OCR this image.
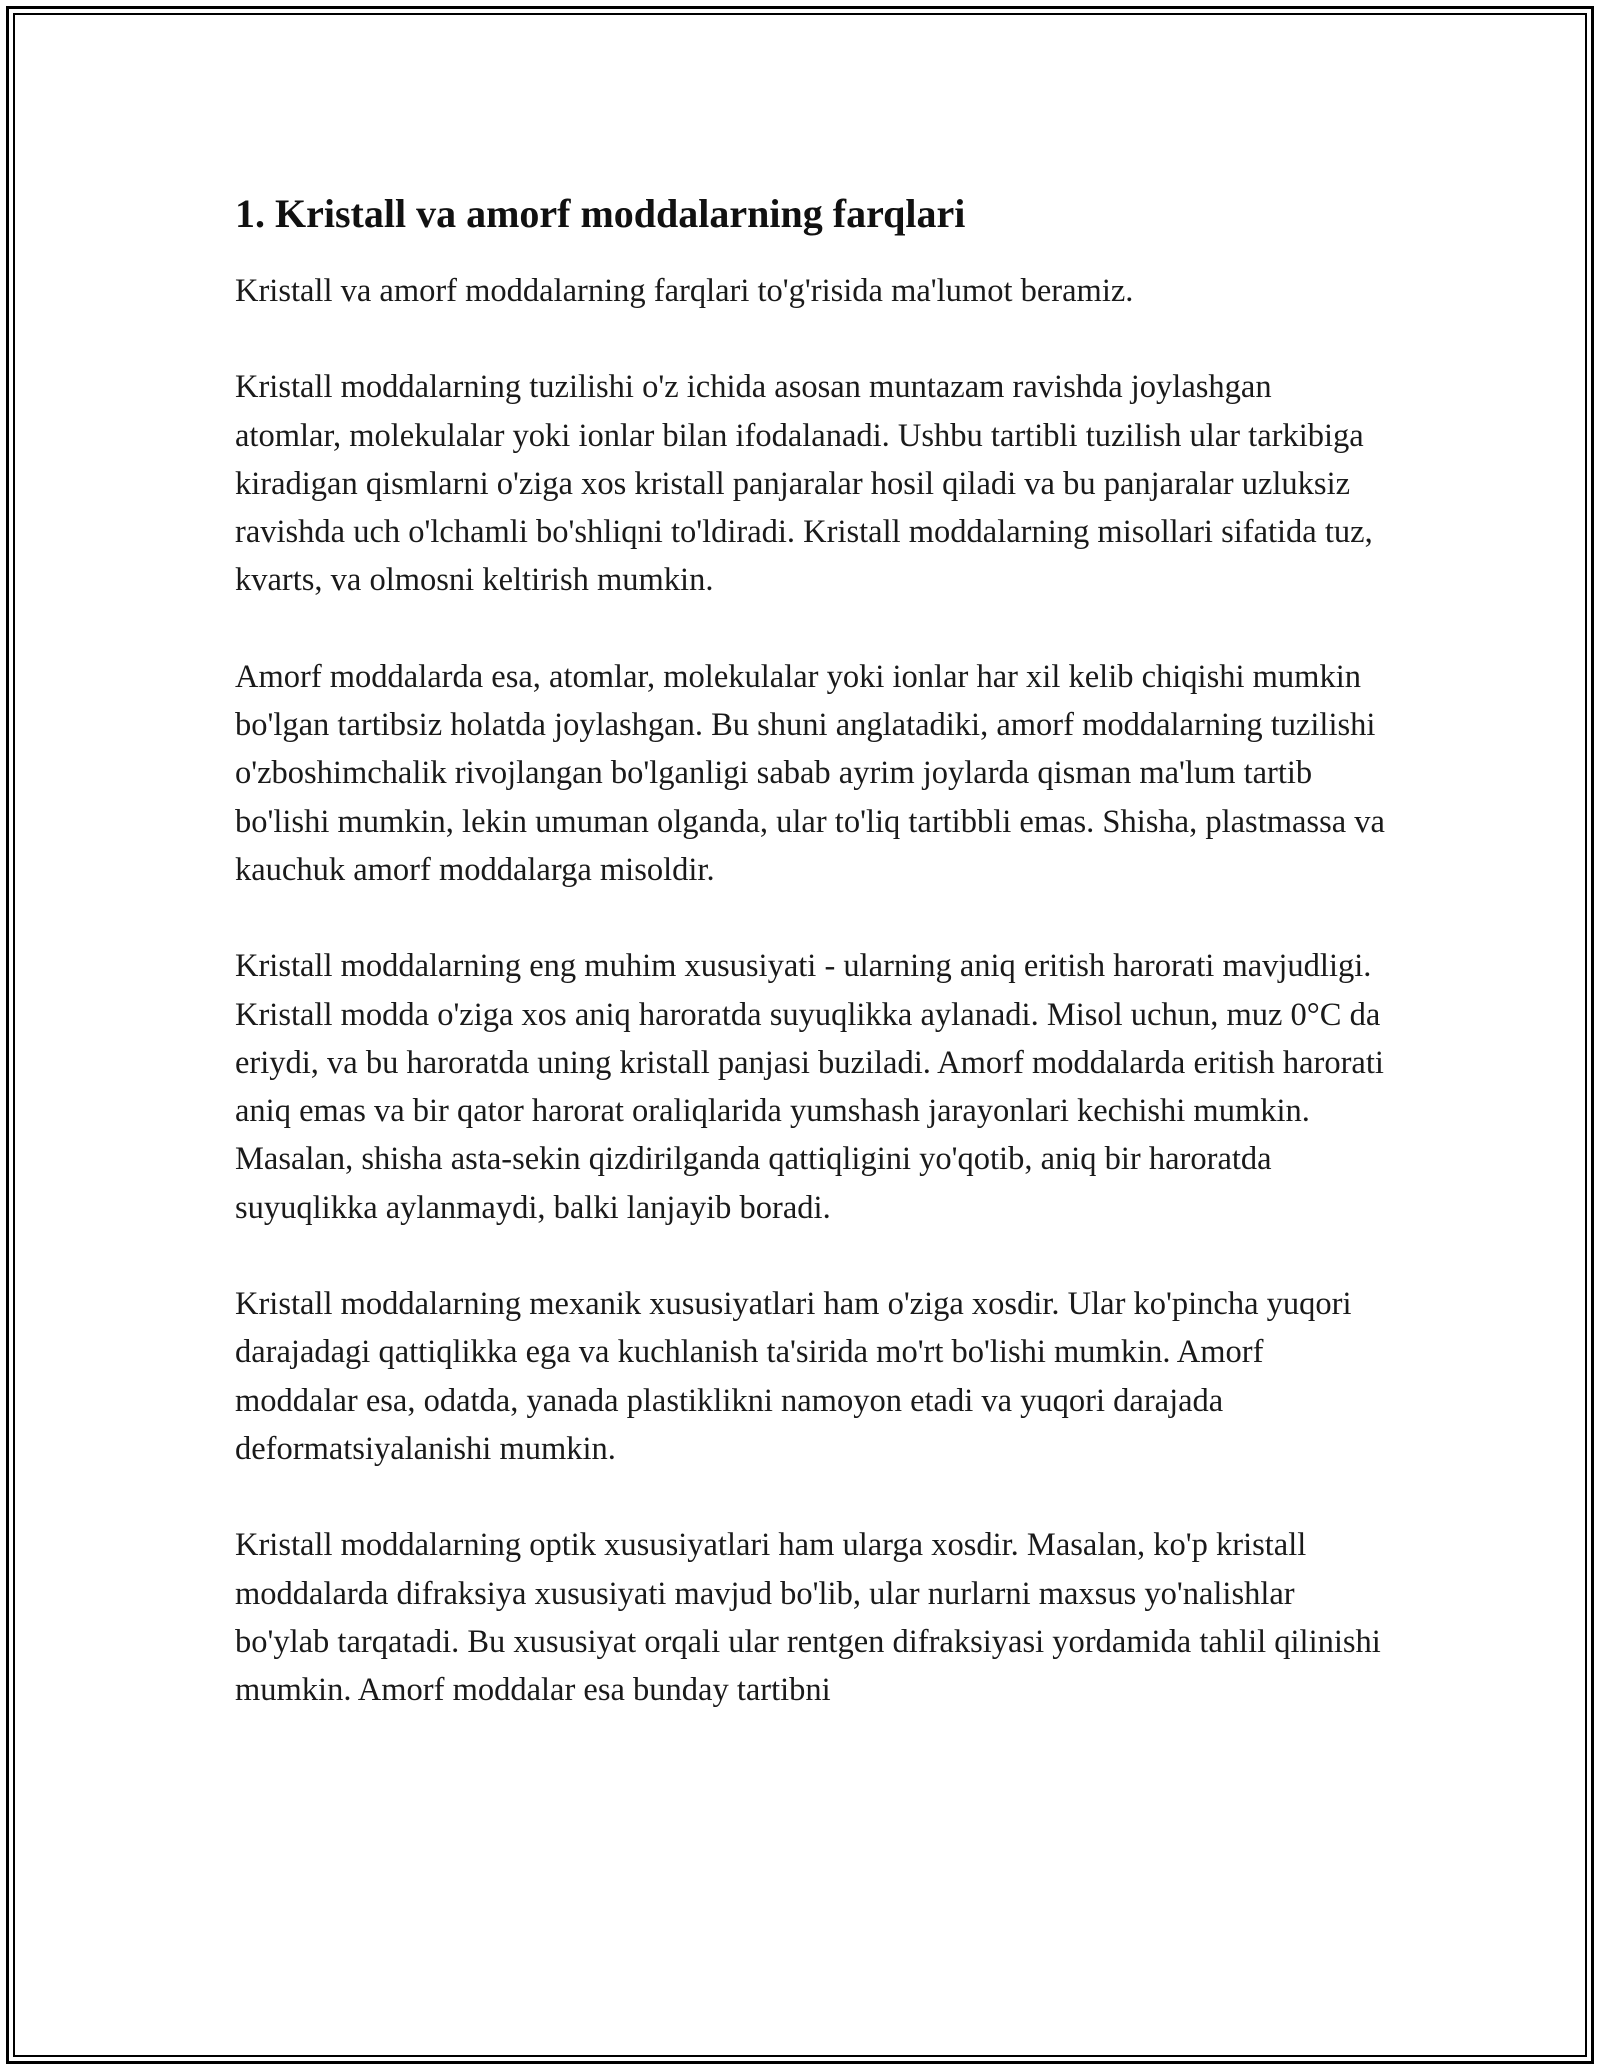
1. Kristall va amorf moddalarning farqlari

Kristall va amorf moddalarning farqlari to'g'risida ma'lumot beramiz.

Kristall moddalarning tuzilishi o'z ichida asosan muntazam ravishda joylashgan atomlar, molekulalar yoki ionlar bilan ifodalanadi. Ushbu tartibli tuzilish ular tarkibiga kiradigan qismlarni o'ziga xos kristall panjaralar hosil qiladi va bu panjaralar uzluksiz ravishda uch o'lchamli bo'shliqni to'ldiradi. Kristall moddalarning misollari sifatida tuz, kvarts, va olmosni keltirish mumkin.

Amorf moddalarda esa, atomlar, molekulalar yoki ionlar har xil kelib chiqishi mumkin bo'lgan tartibsiz holatda joylashgan. Bu shuni anglatadiki, amorf moddalarning tuzilishi o'zboshimchalik rivojlangan bo'lganligi sabab ayrim joylarda qisman ma'lum tartib bo'lishi mumkin, lekin umuman olganda, ular to'liq tartibbli emas. Shisha, plastmassa va kauchuk amorf moddalarga misoldir.

Kristall moddalarning eng muhim xususiyati - ularning aniq eritish harorati mavjudligi. Kristall modda o'ziga xos aniq haroratda suyuqlikka aylanadi. Misol uchun, muz 0°C da eriydi, va bu haroratda uning kristall panjasi buziladi. Amorf moddalarda eritish harorati aniq emas va bir qator harorat oraliqlarida yumshash jarayonlari kechishi mumkin. Masalan, shisha asta-sekin qizdirilganda qattiqligini yo'qotib, aniq bir haroratda suyuqlikka aylanmaydi, balki lanjayib boradi.

Kristall moddalarning mexanik xususiyatlari ham o'ziga xosdir. Ular ko'pincha yuqori darajadagi qattiqlikka ega va kuchlanish ta'sirida mo'rt bo'lishi mumkin. Amorf moddalar esa, odatda, yanada plastiklikni namoyon etadi va yuqori darajada deformatsiyalanishi mumkin.

Kristall moddalarning optik xususiyatlari ham ularga xosdir. Masalan, ko'p kristall moddalarda difraksiya xususiyati mavjud bo'lib, ular nurlarni maxsus yo'nalishlar bo'ylab tarqatadi. Bu xususiyat orqali ular rentgen difraksiyasi yordamida tahlil qilinishi mumkin. Amorf moddalar esa bunday tartibni
